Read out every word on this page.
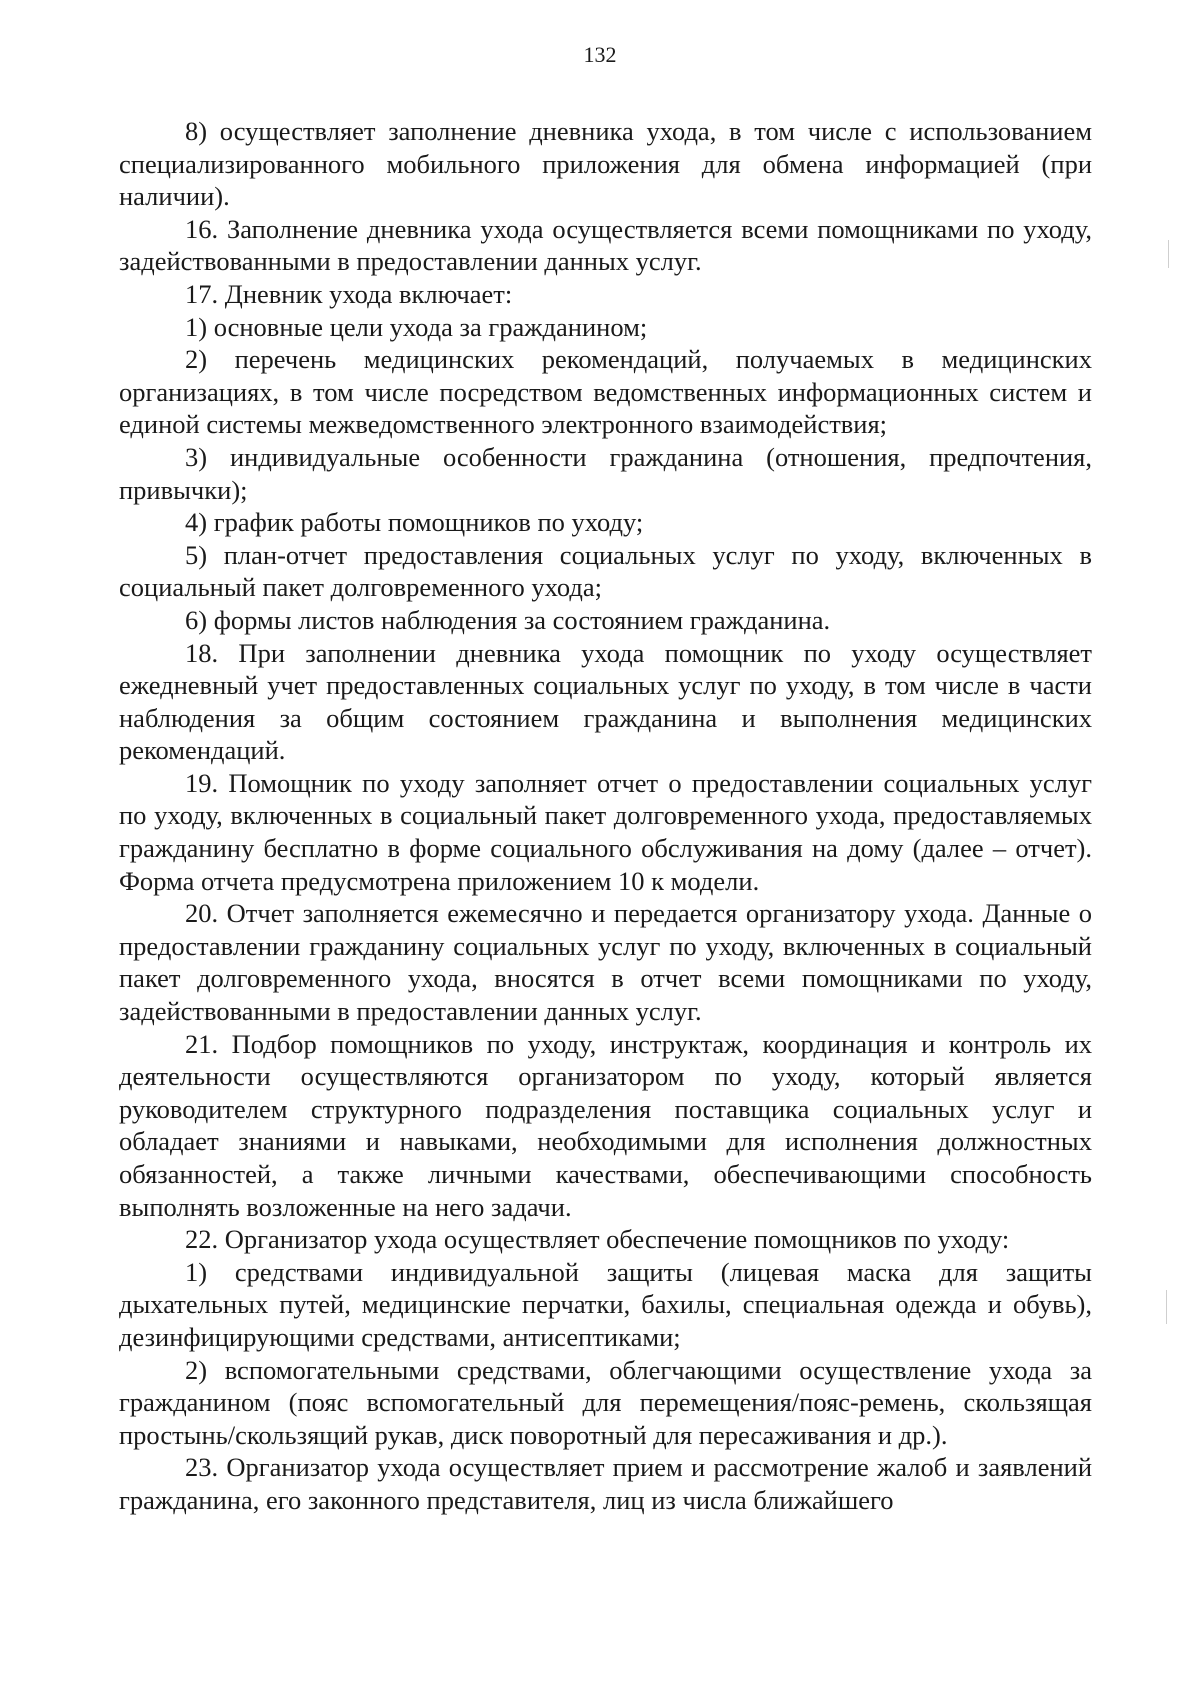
132

8) осуществляет заполнение дневника ухода, в том числе с использованием специализированного мобильного приложения для обмена информацией (при наличии).

16. Заполнение дневника ухода осуществляется всеми помощниками по уходу, задействованными в предоставлении данных услуг.

17. Дневник ухода включает:

1) основные цели ухода за гражданином;

2) перечень медицинских рекомендаций, получаемых в медицинских организациях, в том числе посредством ведомственных информационных систем и единой системы межведомственного электронного взаимодействия;

3) индивидуальные особенности гражданина (отношения, предпочтения, привычки);

4) график работы помощников по уходу;

5) план-отчет предоставления социальных услуг по уходу, включенных в социальный пакет долговременного ухода;

6) формы листов наблюдения за состоянием гражданина.

18. При заполнении дневника ухода помощник по уходу осуществляет ежедневный учет предоставленных социальных услуг по уходу, в том числе в части наблюдения за общим состоянием гражданина и выполнения медицинских рекомендаций.

19. Помощник по уходу заполняет отчет о предоставлении социальных услуг по уходу, включенных в социальный пакет долговременного ухода, предоставляемых гражданину бесплатно в форме социального обслуживания на дому (далее – отчет). Форма отчета предусмотрена приложением 10 к модели.

20. Отчет заполняется ежемесячно и передается организатору ухода. Данные о предоставлении гражданину социальных услуг по уходу, включенных в социальный пакет долговременного ухода, вносятся в отчет всеми помощниками по уходу, задействованными в предоставлении данных услуг.

21. Подбор помощников по уходу, инструктаж, координация и контроль их деятельности осуществляются организатором по уходу, который является руководителем структурного подразделения поставщика социальных услуг и обладает знаниями и навыками, необходимыми для исполнения должностных обязанностей, а также личными качествами, обеспечивающими способность выполнять возложенные на него задачи.

22. Организатор ухода осуществляет обеспечение помощников по уходу:

1) средствами индивидуальной защиты (лицевая маска для защиты дыхательных путей, медицинские перчатки, бахилы, специальная одежда и обувь), дезинфицирующими средствами, антисептиками;

2) вспомогательными средствами, облегчающими осуществление ухода за гражданином (пояс вспомогательный для перемещения/пояс-ремень, скользящая простынь/скользящий рукав, диск поворотный для пересаживания и др.).

23. Организатор ухода осуществляет прием и рассмотрение жалоб и заявлений гражданина, его законного представителя, лиц из числа ближайшего
